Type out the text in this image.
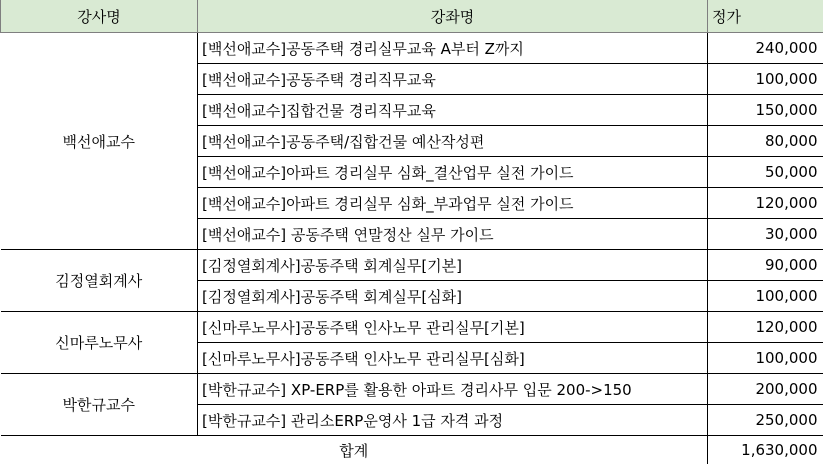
강사명	강좌명	정가
백선애교수	[백선애교수]공동주택 경리실무교육 A부터 Z까지	240,000
	[백선애교수]공동주택 경리직무교육	100,000
	[백선애교수]집합건물 경리직무교육	150,000
	[백선애교수]공동주택/집합건물 예산작성편	80,000
	[백선애교수]아파트 경리실무 심화_결산업무 실전 가이드	50,000
	[백선애교수]아파트 경리실무 심화_부과업무 실전 가이드	120,000
	[백선애교수] 공동주택 연말정산 실무 가이드	30,000
김정열회계사	[김정열회계사]공동주택 회계실무[기본]	90,000
	[김정열회계사]공동주택 회계실무[심화]	100,000
신마루노무사	[신마루노무사]공동주택 인사노무 관리실무[기본]	120,000
	[신마루노무사]공동주택 인사노무 관리실무[심화]	100,000
박한규교수	[박한규교수] XP-ERP를 활용한 아파트 경리사무 입문 200->150	200,000
	[박한규교수] 관리소ERP운영사 1급 자격 과정	250,000
합계		1,630,000
